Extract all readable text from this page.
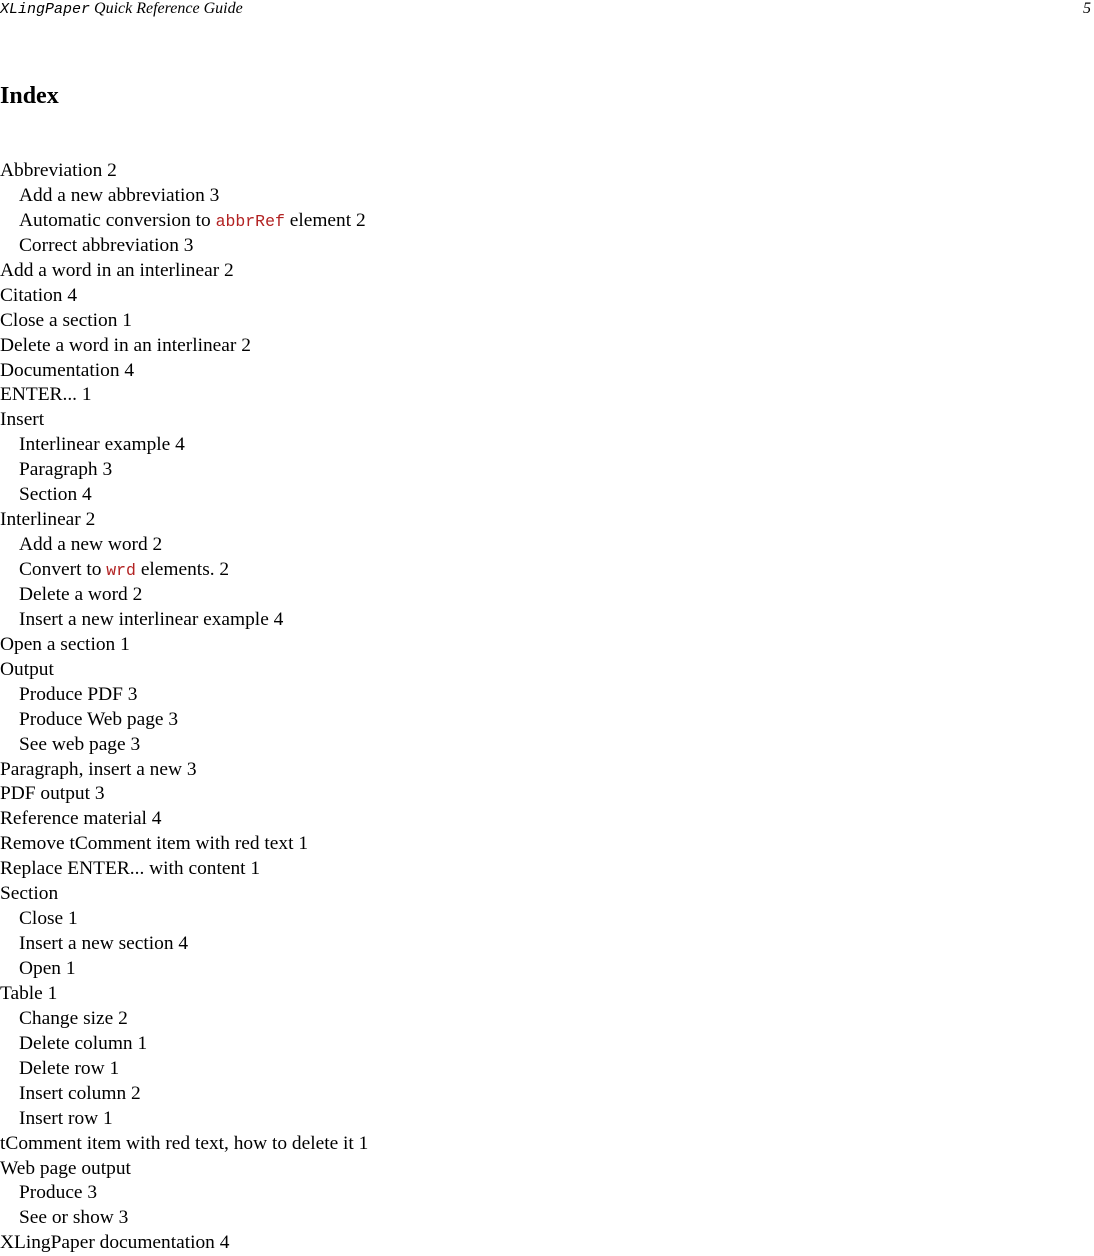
XLingPaper Quick Reference Guide	5
Index
Abbreviation 2
Add a new abbreviation 3
Automatic conversion to abbrRef element 2
Correct abbreviation 3
Add a word in an interlinear 2
Citation 4
Close a section 1
Delete a word in an interlinear 2
Documentation 4
ENTER... 1
Insert
Interlinear example 4
Paragraph 3
Section 4
Interlinear 2
Add a new word 2
Convert to wrd elements. 2
Delete a word 2
Insert a new interlinear example 4
Open a section 1
Output
Produce PDF 3
Produce Web page 3
See web page 3
Paragraph, insert a new 3
PDF output 3
Reference material 4
Remove tComment item with red text 1
Replace ENTER... with content 1
Section
Close 1
Insert a new section 4
Open 1
Table 1
Change size 2
Delete column 1
Delete row 1
Insert column 2
Insert row 1
tComment item with red text, how to delete it 1
Web page output
Produce 3
See or show 3
XLingPaper documentation 4
